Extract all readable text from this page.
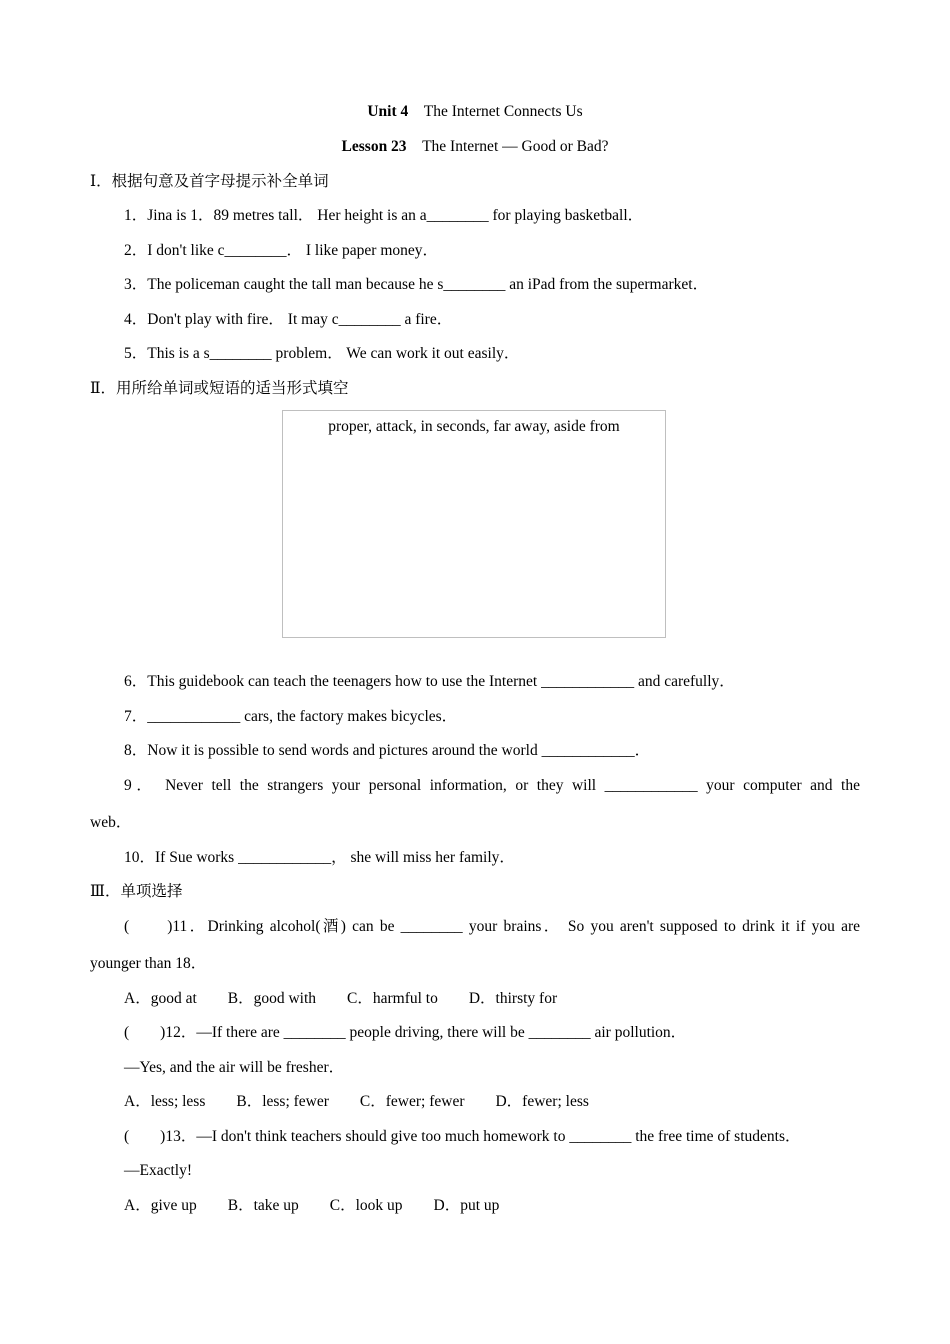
Unit 4　 The Internet Connects Us
Lesson 23　 The Internet — Good or Bad?
Ⅰ．根据句意及首字母提示补全单词
1．Jina is 1．89 metres tall． Her height is an a________ for playing basketball．
2．I don't like c________． I like paper money．
3．The policeman caught the tall man because he s________ an iPad from the supermarket．
4．Don't play with fire． It may c________ a fire．
5．This is a s________ problem． We can work it out easily．
Ⅱ．用所给单词或短语的适当形式填空
proper, attack, in seconds, far away, aside from
6．This guidebook can teach the teenagers how to use the Internet ____________ and carefully．
7．____________ cars, the factory makes bicycles．
8．Now it is possible to send words and pictures around the world ____________．
9． Never tell the strangers your personal information, or they will ____________ your computer and the
web．
10．If Sue works ____________， she will miss her family．
Ⅲ．单项选择
(　　)11．Drinking alcohol(酒) can be ________ your brains． So you aren't supposed to drink it if you are
younger than 18．
A．good at　　B．good with　　C．harmful to　　D．thirsty for
(　　)12．—If there are ________ people driving, there will be ________ air pollution．
—Yes, and the air will be fresher．
A．less; less　　B．less; fewer　　C．fewer; fewer　　D．fewer; less
(　　)13．—I don't think teachers should give too much homework to ________ the free time of students．
—Exactly!
A．give up　　B．take up　　C．look up　　D．put up
